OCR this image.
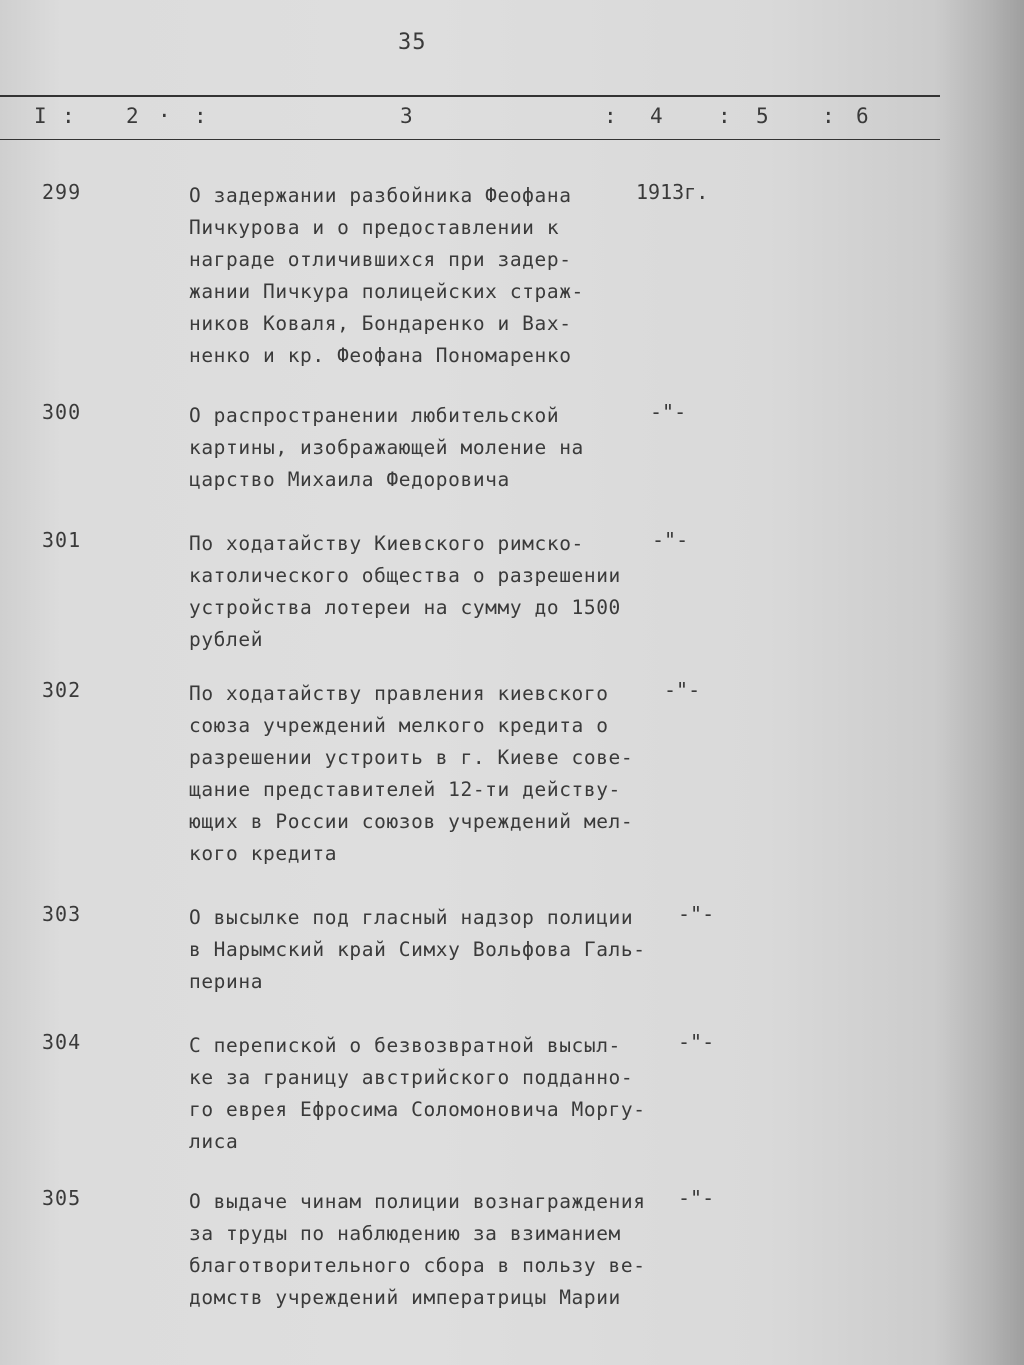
35
I : 2 · :	3	: 4	: 5	: 6
299	О задержании разбойника Феофана
Пичкурова и о предоставлении к
награде отличившихся при задер-
жании Пичкура полицейских страж-
ников Коваля, Бондаренко и Вах-
ненко и кр. Феофана Пономаренко
1913г.
300	О распространении любительской
картины, изображающей моление на
царство Михаила Федоровича
-"-
301	По ходатайству Киевского римско-
католического общества о разрешении
устройства лотереи на сумму до 1500
рублей
-"-
302	По ходатайству правления киевского
союза учреждений мелкого кредита о
разрешении устроить в г. Киеве сове-
щание представителей 12-ти действу-
ющих в России союзов учреждений мел-
кого кредита
-"-
303	О высылке под гласный надзор полиции
в Нарымский край Симху Вольфова Галь-
перина
-"-
304	С перепиской о безвозвратной высыл-
ке за границу австрийского подданно-
го еврея Ефросима Соломоновича Моргу-
лиса
-"-
305	О выдаче чинам полиции вознаграждения
за труды по наблюдению за взиманием
благотворительного сбора в пользу ве-
домств учреждений императрицы Марии
-"-
